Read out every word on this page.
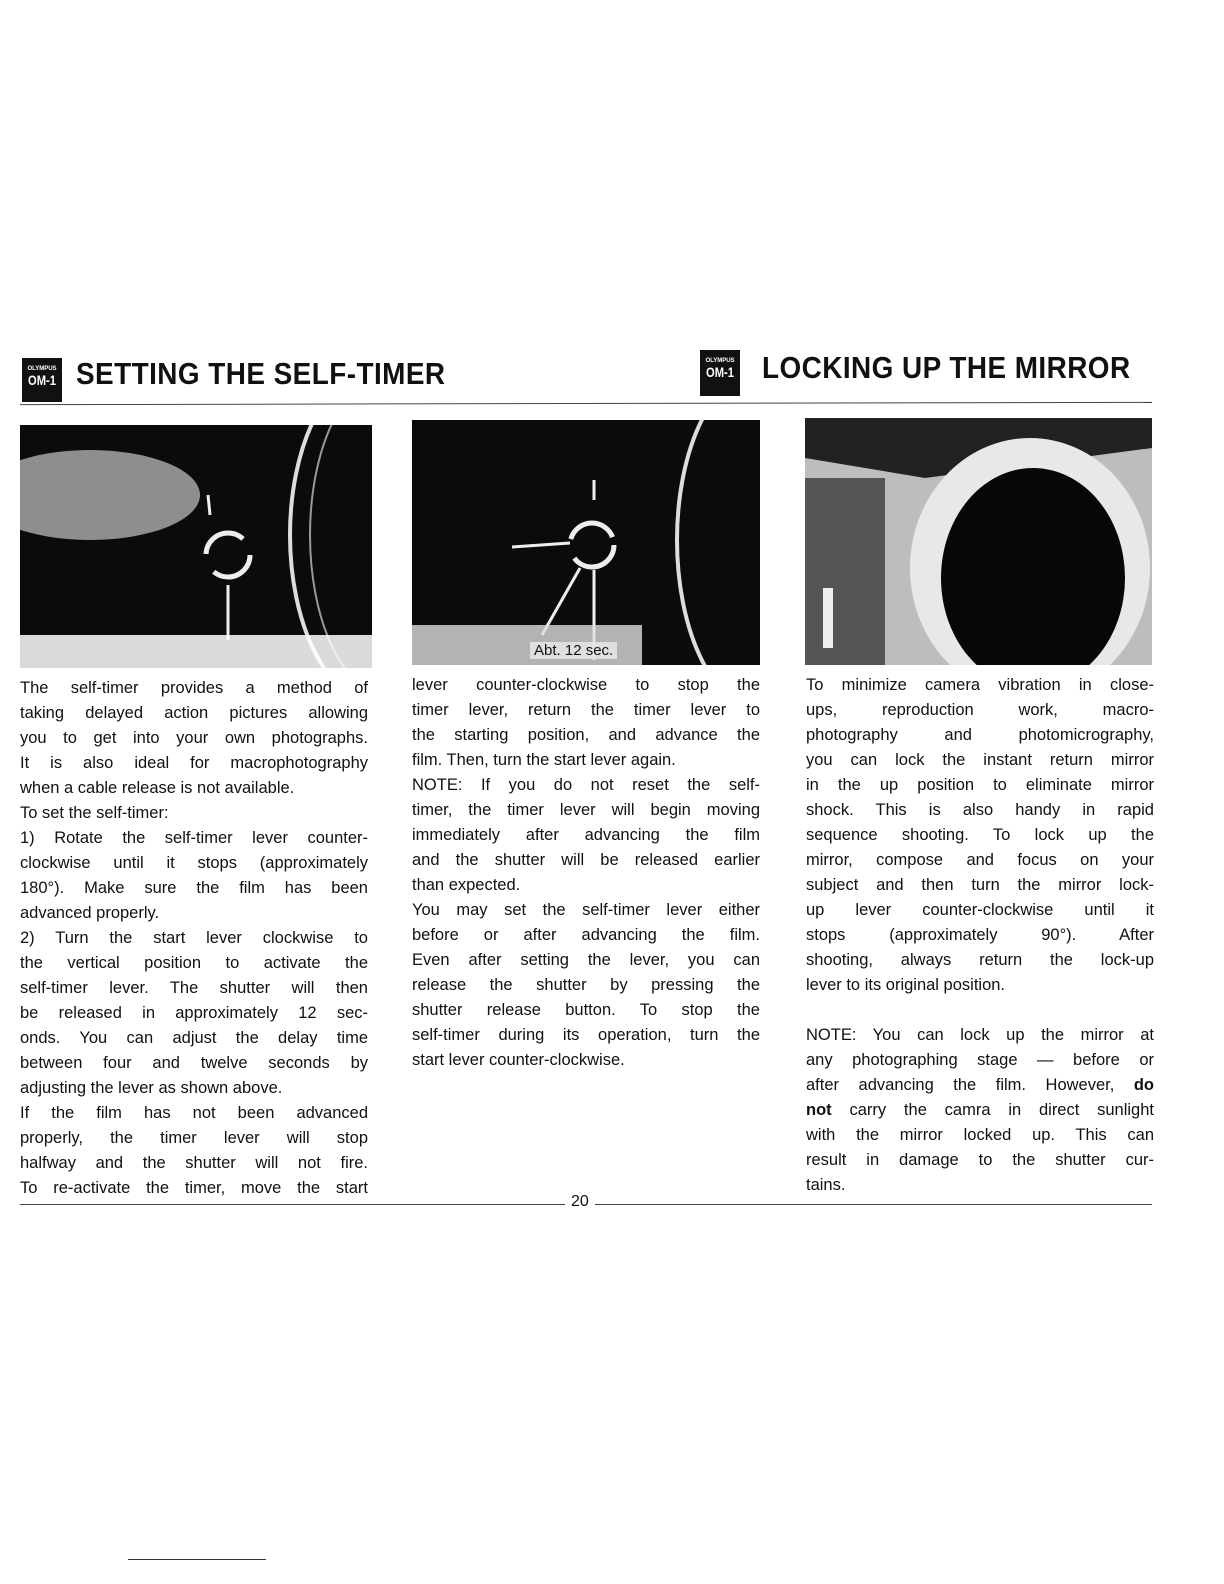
OLYMPUS
OM-1 SETTING THE SELF-TIMER	OLYMPUS
OM-1 LOCKING UP THE MIRROR
Abt. 12 sec.
The self-timer provides a method of
taking delayed action pictures allowing
you to get into your own photographs.
It is also ideal for macrophotography
when a cable release is not available.
To set the self-timer:
1) Rotate the self-timer lever counter-
clockwise until it stops (approximately
180°). Make sure the film has been
advanced properly.
2) Turn the start lever clockwise to
the vertical position to activate the
self-timer lever. The shutter will then
be released in approximately 12 sec-
onds. You can adjust the delay time
between four and twelve seconds by
adjusting the lever as shown above.
If the film has not been advanced
properly, the timer lever will stop
halfway and the shutter will not fire.
To re-activate the timer, move the start
lever counter-clockwise to stop the
timer lever, return the timer lever to
the starting position, and advance the
film. Then, turn the start lever again.
NOTE: If you do not reset the self-
timer, the timer lever will begin moving
immediately after advancing the film
and the shutter will be released earlier
than expected.
You may set the self-timer lever either
before or after advancing the film.
Even after setting the lever, you can
release the shutter by pressing the
shutter release button. To stop the
self-timer during its operation, turn the
start lever counter-clockwise.
To minimize camera vibration in close-
ups, reproduction work, macro-
photography and photomicrography,
you can lock the instant return mirror
in the up position to eliminate mirror
shock. This is also handy in rapid
sequence shooting. To lock up the
mirror, compose and focus on your
subject and then turn the mirror lock-
up lever counter-clockwise until it
stops (approximately 90°). After
shooting, always return the lock-up
lever to its original position.
NOTE: You can lock up the mirror at
any photographing stage — before or
after advancing the film. However, do
not carry the camra in direct sunlight
with the mirror locked up. This can
result in damage to the shutter cur-
tains.
20
